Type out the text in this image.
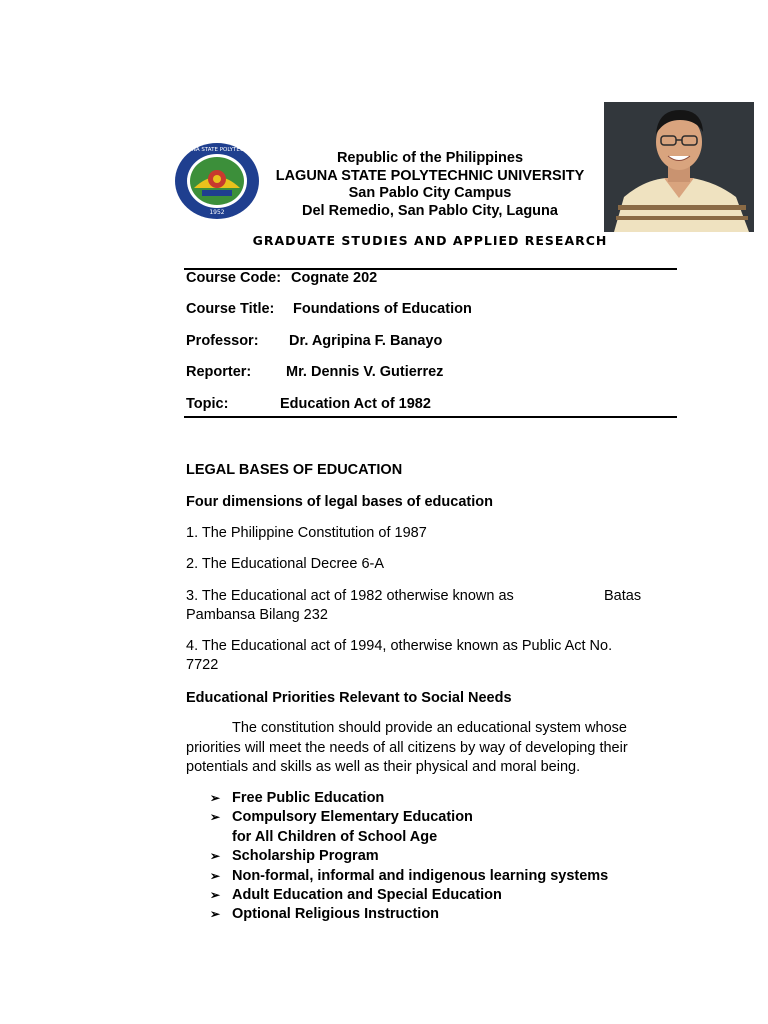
1952
LAGUNA STATE POLYTECHNIC	Republic of the Philippines
LAGUNA STATE POLYTECHNIC UNIVERSITY
San Pablo City Campus
Del Remedio, San Pablo City, Laguna
GRADUATE STUDIES AND APPLIED RESEARCH
Course Code: Cognate 202
Course Title: Foundations of Education
Professor: Dr. Agripina F. Banayo
Reporter: Mr. Dennis V. Gutierrez
Topic:	Education Act of 1982
LEGAL BASES OF EDUCATION
Four dimensions of legal bases of education
1. The Philippine Constitution of 1987
2. The Educational Decree 6-A
3. The Educational act of 1982 otherwise known as	Batas
Pambansa Bilang 232
4. The Educational act of 1994, otherwise known as Public Act No.
7722
Educational Priorities Relevant to Social Needs
The constitution should provide an educational system whose
priorities will meet the needs of all citizens by way of developing their
potentials and skills as well as their physical and moral being.
➢ Free Public Education
➢ Compulsory Elementary Education
for All Children of School Age
➢ Scholarship Program
➢ Non-formal, informal and indigenous learning systems
➢ Adult Education and Special Education
➢ Optional Religious Instruction
